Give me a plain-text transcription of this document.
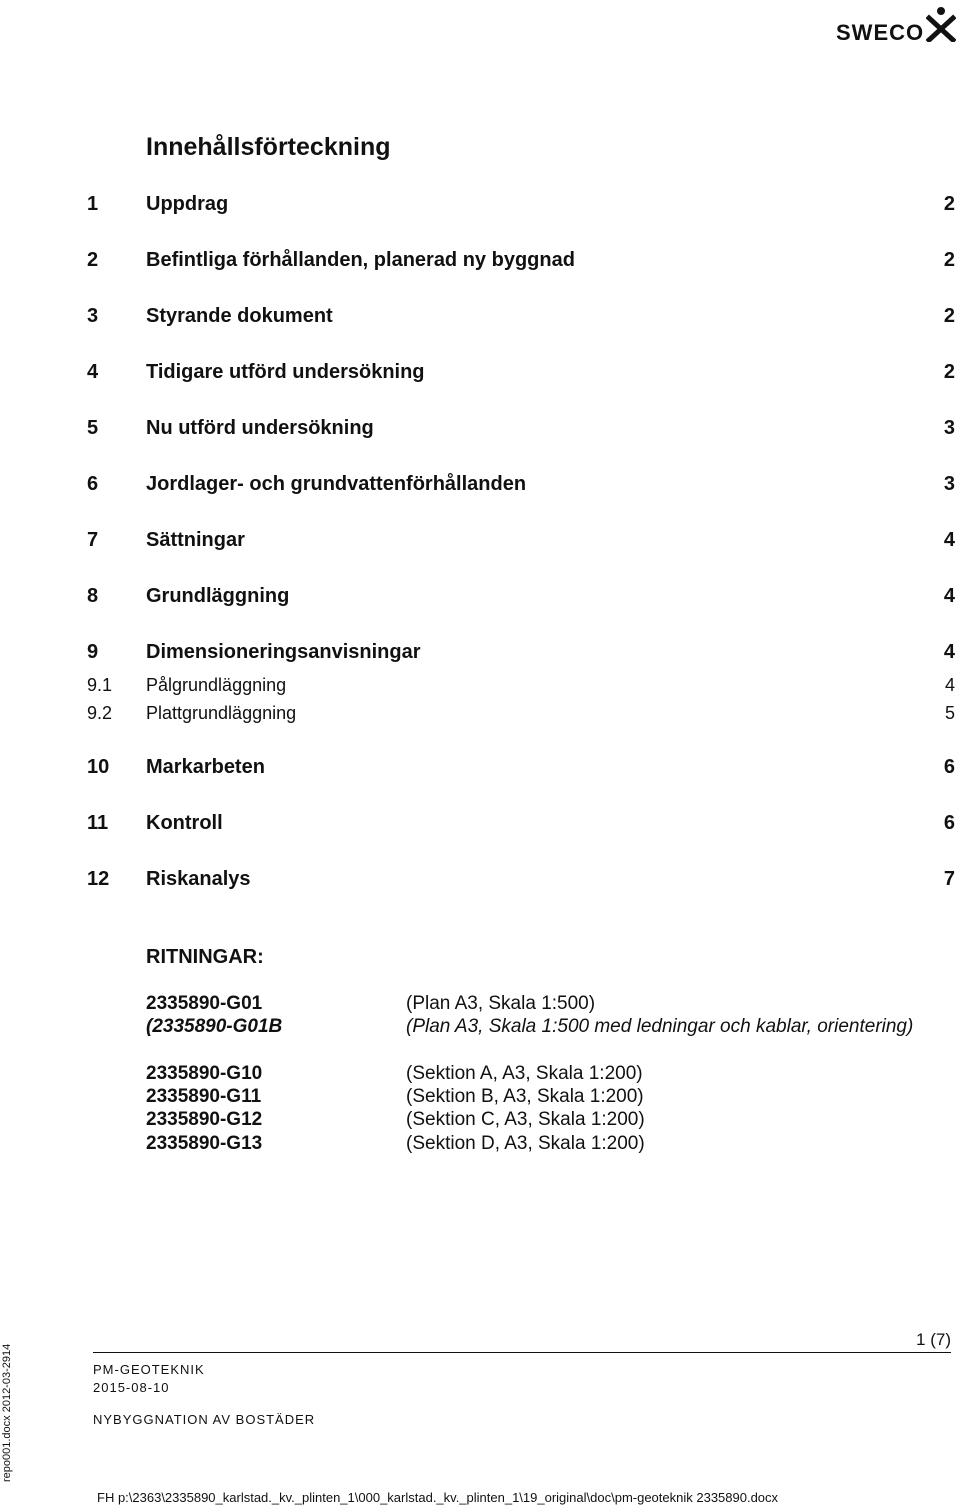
SWECO
Innehållsförteckning
1 Uppdrag	2
2 Befintliga förhållanden, planerad ny byggnad	2
3 Styrande dokument	2
4 Tidigare utförd undersökning	2
5 Nu utförd undersökning	3
6 Jordlager- och grundvattenförhållanden	3
7 Sättningar	4
8 Grundläggning	4
9 Dimensioneringsanvisningar	4
9.1 Pålgrundläggning	4
9.2 Plattgrundläggning	5
10 Markarbeten	6
11 Kontroll	6
12 Riskanalys	7
RITNINGAR:
2335890-G01	(Plan A3, Skala 1:500)
(2335890-G01B	(Plan A3, Skala 1:500 med ledningar och kablar, orientering)
2335890-G10	(Sektion A, A3, Skala 1:200)
2335890-G11	(Sektion B, A3, Skala 1:200)
2335890-G12	(Sektion C, A3, Skala 1:200)
2335890-G13	(Sektion D, A3, Skala 1:200)
1 (7)
PM-GEOTEKNIK
2015-08-10
NYBYGGNATION AV BOSTÄDER
FH p:\2363\2335890_karlstad._kv._plinten_1\000_karlstad._kv._plinten_1\19_original\doc\pm-geoteknik 2335890.docx
repo001.docx 2012-03-2914
